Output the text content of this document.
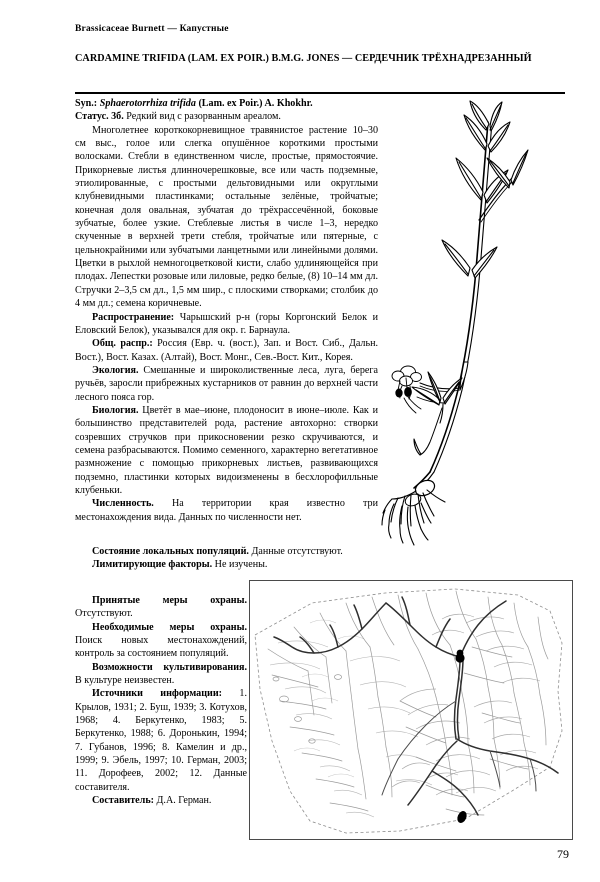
Brassicaceae Burnett — Капустные
CARDAMINE TRIFIDA (LAM. EX POIR.) B.M.G. JONES — СЕРДЕЧНИК ТРЁХНАДРЕЗАННЫЙ

Syn.: Sphaerotorrhiza trifida (Lam. ex Poir.) A. Khokhr.

Статус. 3б. Редкий вид с разорванным ареалом.

Многолетнее короткокорневищное травянистое растение 10–30 см выс., голое или слегка опушённое короткими простыми волосками. Стебли в единственном числе, простые, прямостоячие. Прикорневые листья длинночерешковые, все или часть подземные, этиолированные, с простыми дельтовидными или округлыми клубневидными пластинками; остальные зелёные, тройчатые; конечная доля овальная, зубчатая до трёхрассечённой, боковые зубчатые, более узкие. Стеблевые листья в числе 1–3, нередко скученные в верхней трети стебля, тройчатые или пятерные, с цельнокрайними или зубчатыми ланцетными или линейными долями. Цветки в рыхлой немногоцветковой кисти, слабо удлиняющейся при плодах. Лепестки розовые или лиловые, редко белые, (8) 10–14 мм дл. Стручки 2–3,5 см дл., 1,5 мм шир., с плоскими створками; столбик до 4 мм дл.; семена коричневые.

Распространение: Чарышский р-н (горы Коргонский Белок и Еловский Белок), указывался для окр. г. Барнаула.

Общ. распр.: Россия (Евр. ч. (вост.), Зап. и Вост. Сиб., Дальн. Вост.), Вост. Казах. (Алтай), Вост. Монг., Сев.-Вост. Кит., Корея.

Экология. Смешанные и широколиственные леса, луга, берега ручьёв, заросли прибрежных кустарников от равнин до верхней части лесного пояса гор.

Биология. Цветёт в мае–июне, плодоносит в июне–июле. Как и большинство представителей рода, растение автохорно: створки созревших стручков при прикосновении резко скручиваются, и семена разбрасываются. Помимо семенного, характерно вегетативное размножение с помощью прикорневых листьев, развивающихся подземно, пластинки которых видоизменены в бесхлорофилльные клубеньки.

Численность. На территории края известно три местонахождения вида. Данных по численности нет.

Состояние локальных популяций. Данные отсутствуют.

Лимитирующие факторы. Не изучены.

Принятые меры охраны. Отсутствуют.

Необходимые меры охраны. Поиск новых местонахождений, контроль за состоянием популяций.

Возможности культивирования. В культуре неизвестен.

Источники информации: 1. Крылов, 1931; 2. Буш, 1939; 3. Котухов, 1968; 4. Беркутенко, 1983; 5. Беркутенко, 1988; 6. Доронькин, 1994; 7. Губанов, 1996; 8. Камелин и др., 1999; 9. Эбель, 1997; 10. Герман, 2003; 11. Дорофеев, 2002; 12. Данные составителя.

Составитель: Д.А. Герман.

79
